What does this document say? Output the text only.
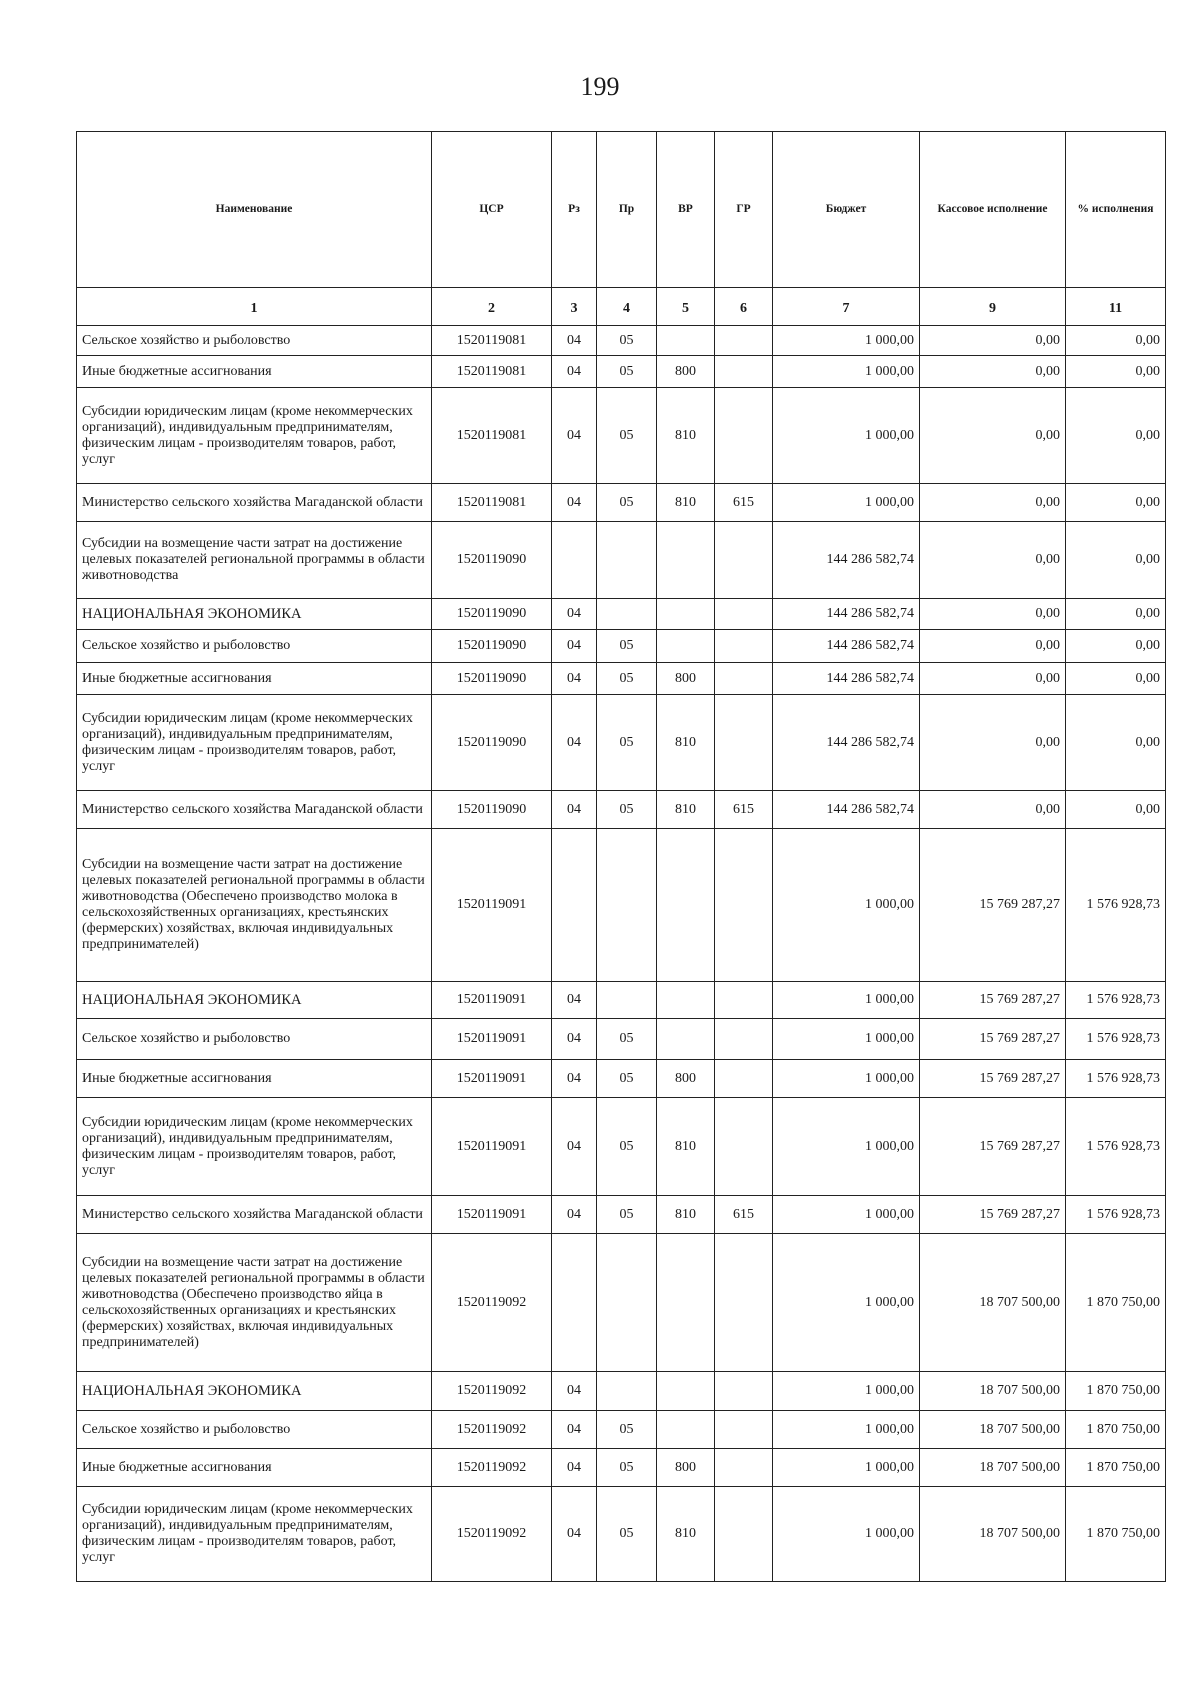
199
Наименование	ЦСР	Рз	Пр	ВР	ГР	Бюджет	Кассовое исполнение	% исполнения
1	2	3	4	5	6	7	9	11
Сельское хозяйство и рыболовство	1520119081	04	05			1 000,00	0,00	0,00
Иные бюджетные ассигнования	1520119081	04	05	800		1 000,00	0,00	0,00
Субсидии юридическим лицам (кроме некоммерческих организаций), индивидуальным предпринимателям, физическим лицам - производителям товаров, работ, услуг	1520119081	04	05	810		1 000,00	0,00	0,00
Министерство сельского хозяйства Магаданской области	1520119081	04	05	810	615	1 000,00	0,00	0,00
Субсидии на возмещение части затрат на достижение целевых показателей региональной программы в области животноводства	1520119090					144 286 582,74	0,00	0,00
НАЦИОНАЛЬНАЯ ЭКОНОМИКА	1520119090	04				144 286 582,74	0,00	0,00
Сельское хозяйство и рыболовство	1520119090	04	05			144 286 582,74	0,00	0,00
Иные бюджетные ассигнования	1520119090	04	05	800		144 286 582,74	0,00	0,00
Субсидии юридическим лицам (кроме некоммерческих организаций), индивидуальным предпринимателям, физическим лицам - производителям товаров, работ, услуг	1520119090	04	05	810		144 286 582,74	0,00	0,00
Министерство сельского хозяйства Магаданской области	1520119090	04	05	810	615	144 286 582,74	0,00	0,00
Субсидии на возмещение части затрат на достижение целевых показателей региональной программы в области животноводства (Обеспечено производство молока в сельскохозяйственных организациях, крестьянских (фермерских) хозяйствах, включая индивидуальных предпринимателей)	1520119091					1 000,00	15 769 287,27	1 576 928,73
НАЦИОНАЛЬНАЯ ЭКОНОМИКА	1520119091	04				1 000,00	15 769 287,27	1 576 928,73
Сельское хозяйство и рыболовство	1520119091	04	05			1 000,00	15 769 287,27	1 576 928,73
Иные бюджетные ассигнования	1520119091	04	05	800		1 000,00	15 769 287,27	1 576 928,73
Субсидии юридическим лицам (кроме некоммерческих организаций), индивидуальным предпринимателям, физическим лицам - производителям товаров, работ, услуг	1520119091	04	05	810		1 000,00	15 769 287,27	1 576 928,73
Министерство сельского хозяйства Магаданской области	1520119091	04	05	810	615	1 000,00	15 769 287,27	1 576 928,73
Субсидии на возмещение части затрат на достижение целевых показателей региональной программы в области животноводства (Обеспечено производство яйца в сельскохозяйственных организациях и крестьянских (фермерских) хозяйствах, включая индивидуальных предпринимателей)	1520119092					1 000,00	18 707 500,00	1 870 750,00
НАЦИОНАЛЬНАЯ ЭКОНОМИКА	1520119092	04				1 000,00	18 707 500,00	1 870 750,00
Сельское хозяйство и рыболовство	1520119092	04	05			1 000,00	18 707 500,00	1 870 750,00
Иные бюджетные ассигнования	1520119092	04	05	800		1 000,00	18 707 500,00	1 870 750,00
Субсидии юридическим лицам (кроме некоммерческих организаций), индивидуальным предпринимателям, физическим лицам - производителям товаров, работ, услуг	1520119092	04	05	810		1 000,00	18 707 500,00	1 870 750,00
